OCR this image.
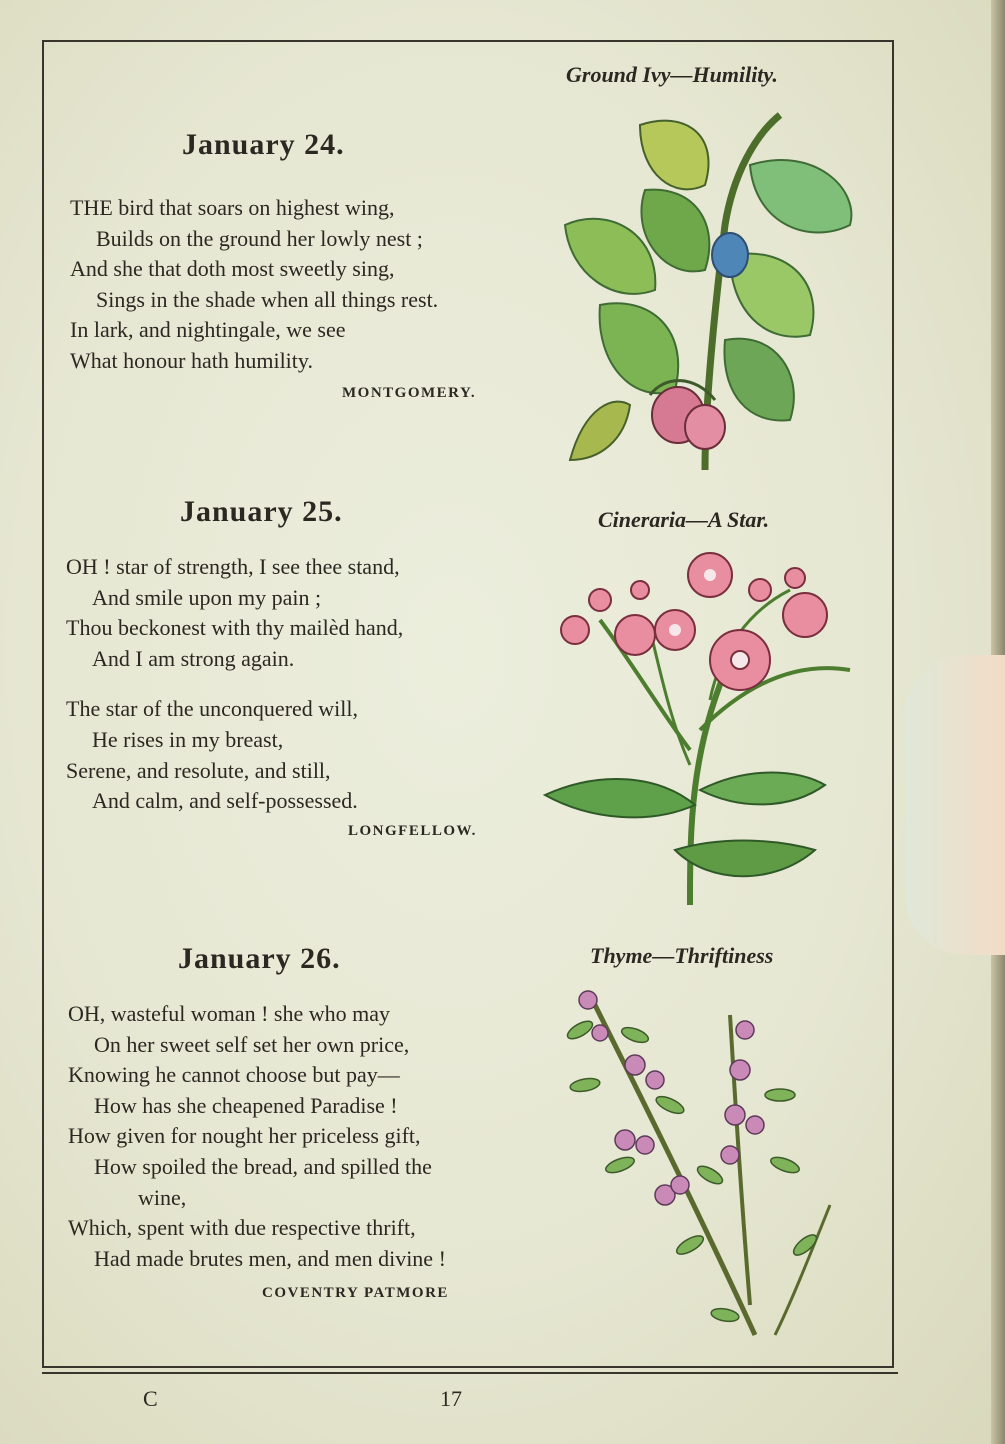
Ground Ivy—Humility.
January 24.
THE bird that soars on highest wing,
Builds on the ground her lowly nest ;
And she that doth most sweetly sing,
Sings in the shade when all things rest.
In lark, and nightingale, we see
What honour hath humility.
MONTGOMERY.
January 25.	Cineraria—A Star.
OH ! star of strength, I see thee stand,
And smile upon my pain ;
Thou beckonest with thy mailèd hand,
And I am strong again.
The star of the unconquered will,
He rises in my breast,
Serene, and resolute, and still,
And calm, and self-possessed.
LONGFELLOW.
Thyme—Thriftiness
January 26.
OH, wasteful woman ! she who may
On her sweet self set her own price,
Knowing he cannot choose but pay—
How has she cheapened Paradise !
How given for nought her priceless gift,
How spoiled the bread, and spilled the
wine,
Which, spent with due respective thrift,
Had made brutes men, and men divine !
COVENTRY PATMORE
C	17
